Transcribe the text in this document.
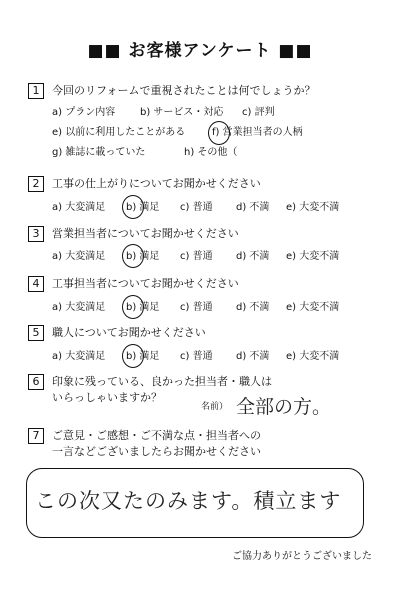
■■ お客様アンケート ■■
1	今回のリフォームで重視されたことは何でしょうか？
a) プラン内容 b) サービス・対応 c) 評判
e) 以前に利用したことがある	f) 営業担当者の人柄
g) 雑誌に載っていた	h) その他（
2	工事の仕上がりについてお聞かせください
a) 大変満足 b) 満足 c) 普通 d) 不満 e) 大変不満
3	営業担当者についてお聞かせください
a) 大変満足 b) 満足 c) 普通 d) 不満 e) 大変不満
4	工事担当者についてお聞かせください
a) 大変満足 b) 満足 c) 普通 d) 不満 e) 大変不満
5	職人についてお聞かせください
a) 大変満足 b) 満足 c) 普通 d) 不満 e) 大変不満
6	印象に残っている、良かった担当者・職人は
いらっしゃいますか？
名前） 全部の方。
7	ご意見・ご感想・ご不満な点・担当者への
一言などございましたらお聞かせください
この次又たのみます。積立ます
ご協力ありがとうございました
